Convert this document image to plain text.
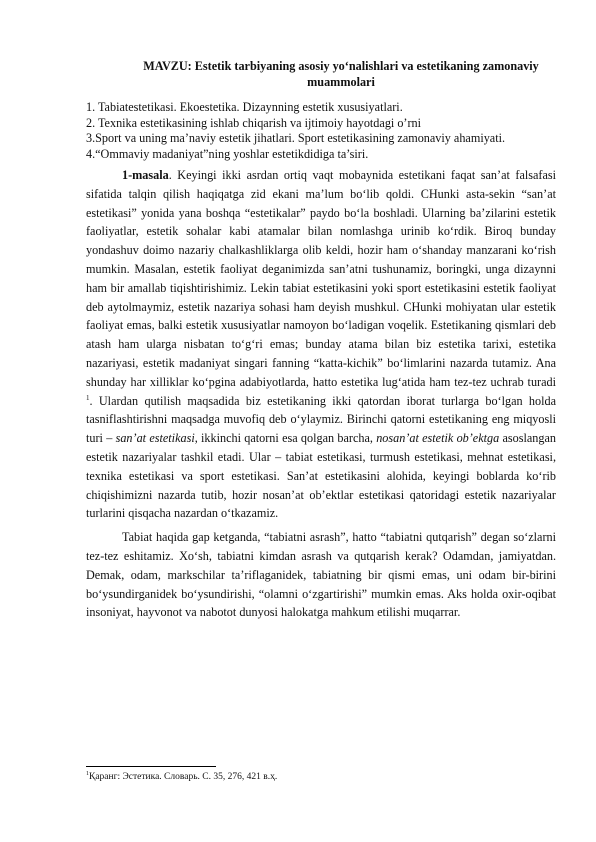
MAVZU: Estetik tarbiyaning asosiy yo‘nalishlari va estetikaning zamonaviy muammolari
1. Tabiatestetikasi. Ekoestetika. Dizaynning estetik xususiyatlari.
2. Texnika estetikasining ishlab chiqarish va ijtimoiy hayotdagi o’rni
3.Sport va uning ma’naviy estetik jihatlari. Sport estetikasining zamonaviy ahamiyati.
4.“Ommaviy madaniyat”ning yoshlar estetikdidiga ta’siri.

1-masala. Keyingi ikki asrdan ortiq vaqt mobaynida estetikani faqat san’at falsafasi sifatida talqin qilish haqiqatga zid ekani ma’lum bo‘lib qoldi. CHunki asta-sekin “san’at estetikasi” yonida yana boshqa “estetikalar” paydo bo‘la boshladi. Ularning ba’zilarini estetik faoliyatlar, estetik sohalar kabi atamalar bilan nomlashga urinib ko‘rdik. Biroq bunday yondashuv doimo nazariy chalkashliklarga olib keldi, hozir ham o‘shanday manzarani ko‘rish mumkin. Masalan, estetik faoliyat deganimizda san’atni tushunamiz, boringki, unga dizaynni ham bir amallab tiqishtirishimiz. Lekin tabiat estetikasini yoki sport estetikasini estetik faoliyat deb aytolmaymiz, estetik nazariya sohasi ham deyish mushkul. CHunki mohiyatan ular estetik faoliyat emas, balki estetik xususiyatlar namoyon bo‘ladigan voqelik. Estetikaning qismlari deb atash ham ularga nisbatan to‘g‘ri emas; bunday atama bilan biz estetika tarixi, estetika nazariyasi, estetik madaniyat singari fanning “katta-kichik” bo‘limlarini nazarda tutamiz. Ana shunday har xilliklar ko‘pgina adabiyotlarda, hatto estetika lug‘atida ham tez-tez uchrab turadi $^1$. Ulardan qutilish maqsadida biz estetikaning ikki qatordan iborat turlarga bo‘lgan holda tasniflashtirishni maqsadga muvofiq deb o‘ylaymiz. Birinchi qatorni estetikaning eng miqyosli turi – san’at estetikasi, ikkinchi qatorni esa qolgan barcha, nosan’at estetik ob’ektga asoslangan estetik nazariyalar tashkil etadi. Ular – tabiat estetikasi, turmush estetikasi, mehnat estetikasi, texnika estetikasi va sport estetikasi. San’at estetikasini alohida, keyingi boblarda ko‘rib chiqishimizni nazarda tutib, hozir nosan’at ob’ektlar estetikasi qatoridagi estetik nazariyalar turlarini qisqacha nazardan o‘tkazamiz.

Tabiat haqida gap ketganda, “tabiatni asrash”, hatto “tabiatni qutqarish” degan so‘zlarni tez-tez eshitamiz. Xo‘sh, tabiatni kimdan asrash va qutqarish kerak? Odamdan, jamiyatdan. Demak, odam, markschilar ta’riflaganidek, tabiatning bir qismi emas, uni odam bir-birini bo‘ysundirganidek bo‘ysundirishi, “olamni o‘zgartirishi” mumkin emas. Aks holda oxir-oqibat insoniyat, hayvonot va nabotot dunyosi halokatga mahkum etilishi muqarrar.

$^1$Қаранг: Эстетика. Словарь. С. 35, 276, 421 в.ҳ.
